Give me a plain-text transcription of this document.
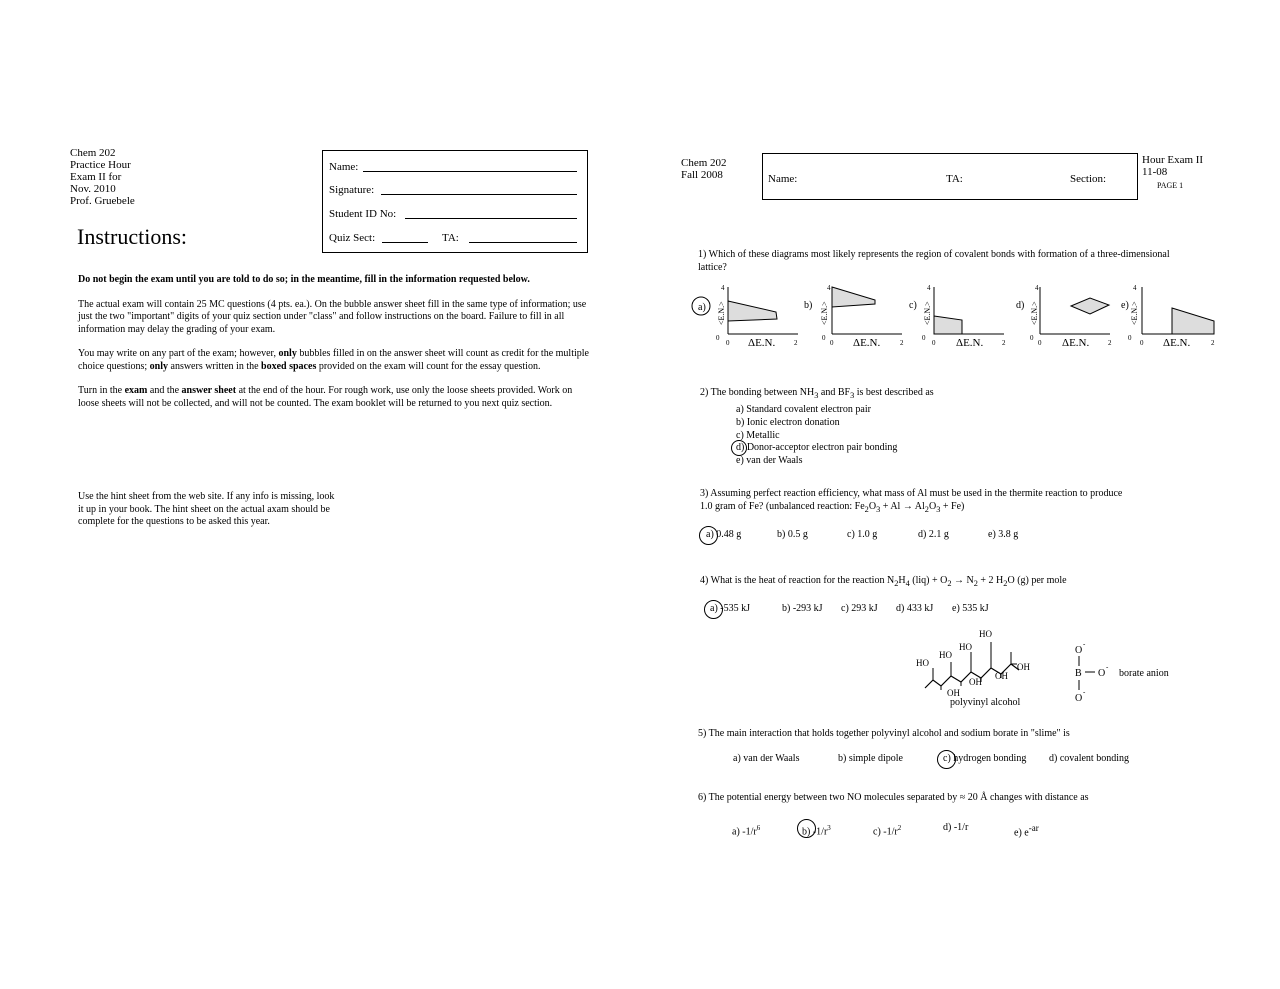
Chem 202
Practice Hour
Exam II for
Nov. 2010
Prof. Gruebele
Name:
Signature:
Student ID No:
Quiz Sect:	TA:
Instructions:

Do not begin the exam until you are told to do so; in the meantime, fill in the information requested below.

The actual exam will contain 25 MC questions (4 pts. ea.). On the bubble answer sheet fill in the same type of information; use just the two "important" digits of your quiz section under "class" and follow instructions on the board. Failure to fill in all information may delay the grading of your exam.

You may write on any part of the exam; however, only bubbles filled in on the answer sheet will count as credit for the multiple choice questions; only answers written in the boxed spaces provided on the exam will count for the essay question.

Turn in the exam and the answer sheet at the end of the hour. For rough work, use only the loose sheets provided. Work on loose sheets will not be collected, and will not be counted. The exam booklet will be returned to you next quiz section.

Use the hint sheet from the web site. If any info is missing, look it up in your book. The hint sheet on the actual axam should be complete for the questions to be asked this year.
Chem 202
Fall 2008	Name:	TA:	Section:
Hour Exam II
11-08
PAGE 1
1) Which of these diagrams most likely represents the region of covalent bonds with formation of a three-dimensional lattice?
a)
4
0
<E.N.>
0 ΔE.N.	2
b)
4
0
<E.N.>
0 ΔE.N.	2
c)
4
0
<E.N.>
0 ΔE.N.	2
d)
4
0
<E.N.>
0 ΔE.N.	2
e)
4
0
<E.N.>
0 ΔE.N.	2
2) The bonding between $NH_3$ and $BF_3$ is best described as
a) Standard covalent electron pair
b) Ionic electron donation
c) Metallic
d) Donor-acceptor electron pair bonding
e) van der Waals
3) Assuming perfect reaction efficiency, what mass of Al must be used in the thermite reaction to produce
1.0 gram of Fe? (unbalanced reaction: $Fe_2O_3 + Al \to Al_2O_3 + Fe$)
a) 0.48 g	b) 0.5 g	c) 1.0 g	d) 2.1 g	e) 3.8 g
4) What is the heat of reaction for the reaction $N_2H_4$ $(liq) + O_2 \to N_2 + 2$ $H_2O$ (g) per mole
a) -535 kJ	b) -293 kJ c) 293 kJ d) 433 kJ e) 535 kJ
HO
HO
HO
HO
OH
OH
OH
OH
polyvinyl alcohol
O
-
B O
-
O
-
borate anion
5) The main interaction that holds together polyvinyl alcohol and sodium borate in "slime" is
a) van der Waals	b) simple dipole	c) hydrogen bonding d) covalent bonding
6) The potential energy between two NO molecules separated by ≈ 20 Å changes with distance as
a) $-1/r^6$	b) $-1/r^3$	c) $-1/r^2$	d) -1/r	e) $e^{-ar}$
